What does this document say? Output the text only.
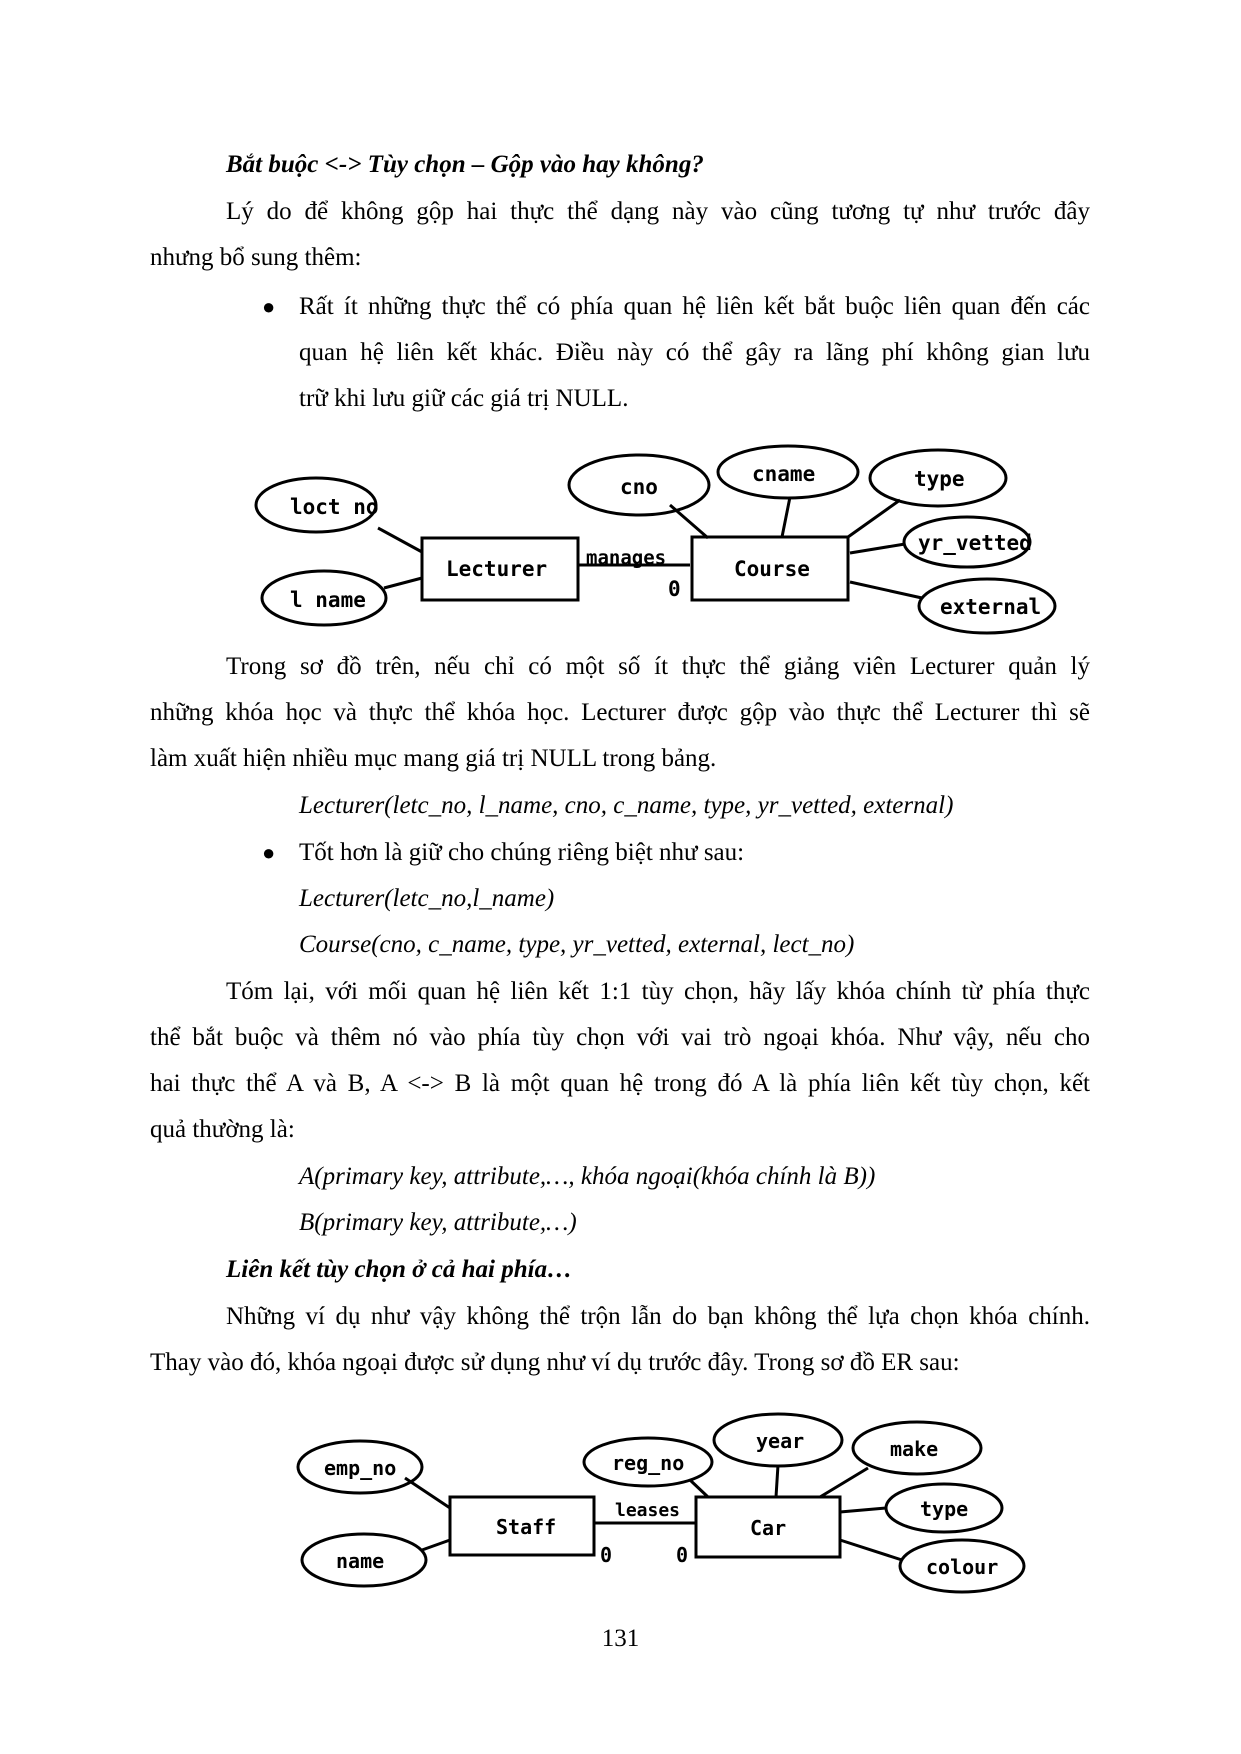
Bắt buộc <-> Tùy chọn – Gộp vào hay không?
Lý do để không gộp hai thực thể dạng này vào cũng tương tự như trước đây
nhưng bổ sung thêm:
● Rất ít những thực thể có phía quan hệ liên kết bắt buộc liên quan đến các
quan hệ liên kết khác. Điều này có thể gây ra lãng phí không gian lưu
trữ khi lưu giữ các giá trị NULL.
Lecturer	Course
manages
0
loct no
l name
cno
cname	type
yr_vetted
external
Staff	Car
leases
0	0
emp_no
name
reg_no
year	make
type
colour
Trong sơ đồ trên, nếu chỉ có một số ít thực thể giảng viên Lecturer quản lý
những khóa học và thực thể khóa học. Lecturer được gộp vào thực thể Lecturer thì sẽ
làm xuất hiện nhiều mục mang giá trị NULL trong bảng.
Lecturer(letc_no, l_name, cno, c_name, type, yr_vetted, external)
● Tốt hơn là giữ cho chúng riêng biệt như sau:
Lecturer(letc_no,l_name)
Course(cno, c_name, type, yr_vetted, external, lect_no)
Tóm lại, với mối quan hệ liên kết 1:1 tùy chọn, hãy lấy khóa chính từ phía thực
thể bắt buộc và thêm nó vào phía tùy chọn với vai trò ngoại khóa. Như vậy, nếu cho
hai thực thể A và B, A <-> B là một quan hệ trong đó A là phía liên kết tùy chọn, kết
quả thường là:
A(primary key, attribute,…, khóa ngoại(khóa chính là B))
B(primary key, attribute,…)
Liên kết tùy chọn ở cả hai phía…
Những ví dụ như vậy không thể trộn lẫn do bạn không thể lựa chọn khóa chính.
Thay vào đó, khóa ngoại được sử dụng như ví dụ trước đây. Trong sơ đồ ER sau:
131
